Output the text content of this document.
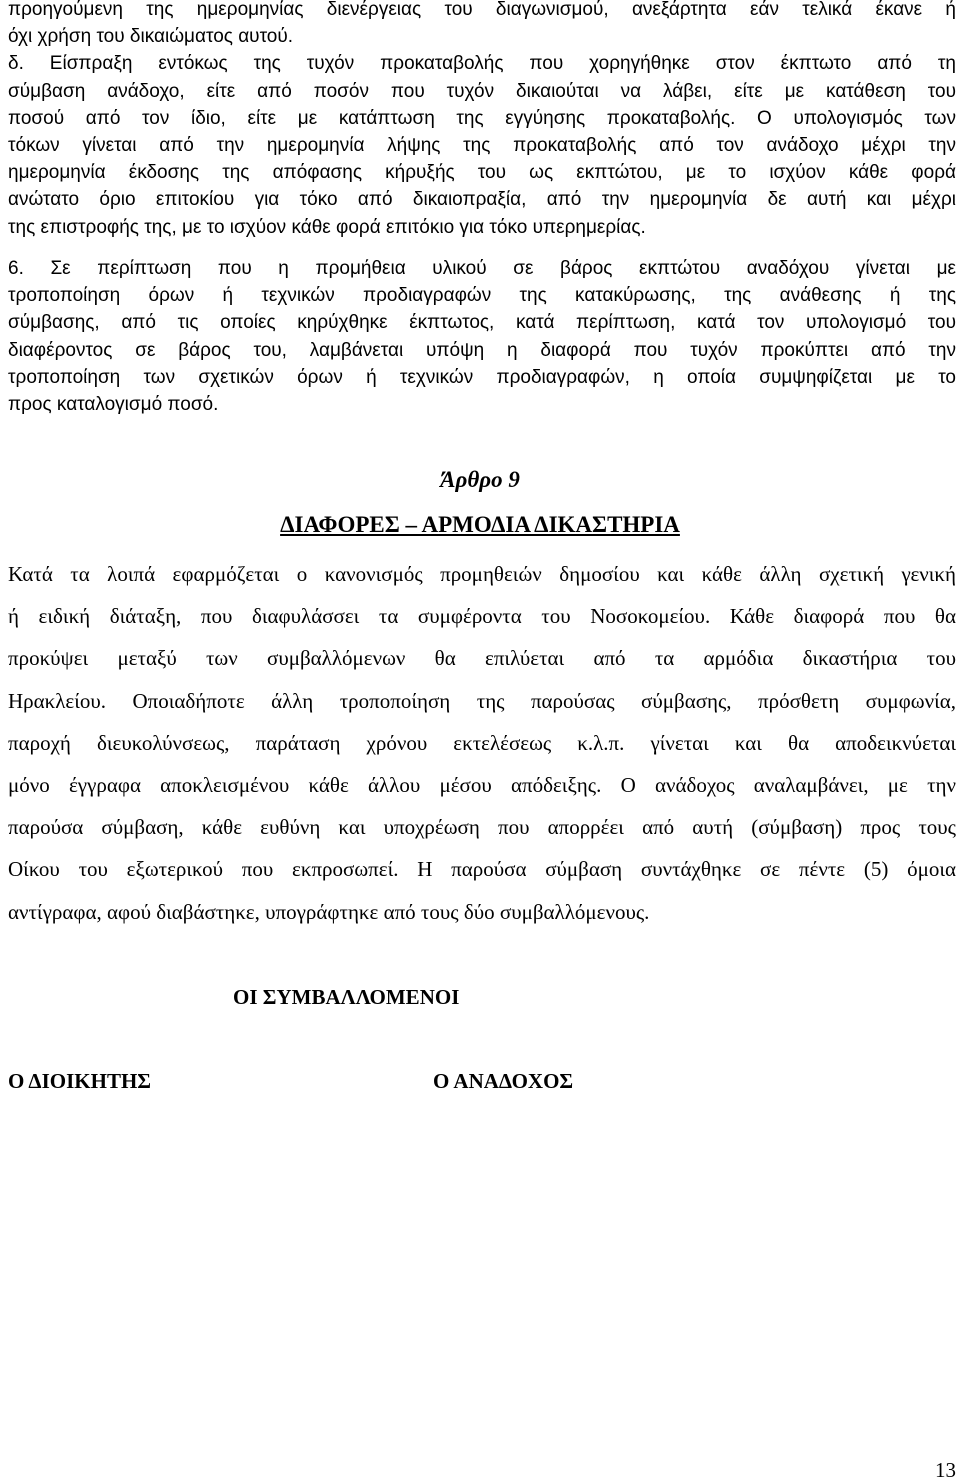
προηγούμενη της ημερομηνίας διενέργειας του διαγωνισμού, ανεξάρτητα εάν τελικά έκανε ή
όχι χρήση του δικαιώματος αυτού.
δ. Είσπραξη εντόκως της τυχόν προκαταβολής που χορηγήθηκε στον έκπτωτο από τη
σύμβαση ανάδοχο, είτε από ποσόν που τυχόν δικαιούται να λάβει, είτε με κατάθεση του
ποσού από τον ίδιο, είτε με κατάπτωση της εγγύησης προκαταβολής. Ο υπολογισμός των
τόκων γίνεται από την ημερομηνία λήψης της προκαταβολής από τον ανάδοχο μέχρι την
ημερομηνία έκδοσης της απόφασης κήρυξής του ως εκπτώτου, με το ισχύον κάθε φορά
ανώτατο όριο επιτοκίου για τόκο από δικαιοπραξία, από την ημερομηνία δε αυτή και μέχρι
της επιστροφής της, με το ισχύον κάθε φορά επιτόκιο για τόκο υπερημερίας.
6. Σε περίπτωση που η προμήθεια υλικού σε βάρος εκπτώτου αναδόχου γίνεται με
τροποποίηση όρων ή τεχνικών προδιαγραφών της κατακύρωσης, της ανάθεσης ή της
σύμβασης, από τις οποίες κηρύχθηκε έκπτωτος, κατά περίπτωση, κατά τον υπολογισμό του
διαφέροντος σε βάρος του, λαμβάνεται υπόψη η διαφορά που τυχόν προκύπτει από την
τροποποίηση των σχετικών όρων ή τεχνικών προδιαγραφών, η οποία συμψηφίζεται με το
προς καταλογισμό ποσό.
Άρθρο 9
ΔΙΑΦΟΡΕΣ – ΑΡΜΟΔΙΑ ΔΙΚΑΣΤΗΡΙΑ
Κατά τα λοιπά εφαρμόζεται ο κανονισμός προμηθειών δημοσίου και κάθε άλλη σχετική γενική
ή ειδική διάταξη, που διαφυλάσσει τα συμφέροντα του Νοσοκομείου. Κάθε διαφορά που θα
προκύψει μεταξύ των συμβαλλόμενων θα επιλύεται από τα αρμόδια δικαστήρια του
Ηρακλείου. Οποιαδήποτε άλλη τροποποίηση της παρούσας σύμβασης, πρόσθετη συμφωνία,
παροχή διευκολύνσεως, παράταση χρόνου εκτελέσεως κ.λ.π. γίνεται και θα αποδεικνύεται
μόνο έγγραφα αποκλεισμένου κάθε άλλου μέσου απόδειξης. Ο ανάδοχος αναλαμβάνει, με την
παρούσα σύμβαση, κάθε ευθύνη και υποχρέωση που απορρέει από αυτή (σύμβαση) προς τους
Οίκου του εξωτερικού που εκπροσωπεί. Η παρούσα σύμβαση συντάχθηκε σε πέντε (5) όμοια
αντίγραφα, αφού διαβάστηκε, υπογράφτηκε από τους δύο συμβαλλόμενους.
ΟΙ ΣΥΜΒΑΛΛΟΜΕΝΟΙ
Ο ΔΙΟΙΚΗΤΗΣ	Ο ΑΝΑΔΟΧΟΣ
13
